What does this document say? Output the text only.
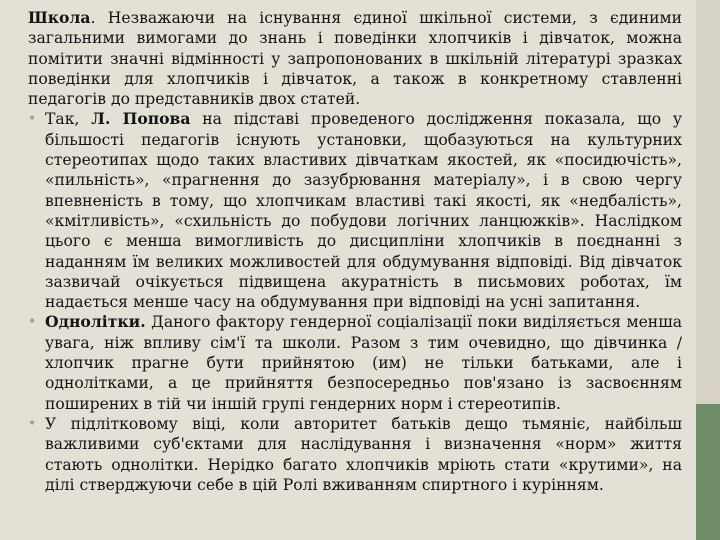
Школа. Незважаючи на існування єдиної шкільної системи, з єдиними загальними вимогами до знань і поведінки хлопчиків і дівчаток, можна помітити значні відмінності у запропонованих в шкільній літературі зразках поведінки для хлопчиків і дівчаток, а також в конкретному ставленні педагогів до представників двох статей.

• Так, Л. Попова на підставі проведеного дослідження показала, що у більшості педагогів існують установки, щобазуються на культурних стереотипах щодо таких властивих дівчаткам якостей, як «посидючість», «пильність», «прагнення до зазубрювання матеріалу», і в свою чергу впевненість в тому, що хлопчикам властиві такі якості, як «недбалість», «кмітливість», «схильність до побудови логічних ланцюжків». Наслідком цього є менша вимогливість до дисципліни хлопчиків в поєднанні з наданням їм великих можливостей для обдумування відповіді. Від дівчаток зазвичай очікується підвищена акуратність в письмових роботах, їм надається менше часу на обдумування при відповіді на усні запитання.

• Однолітки. Даного фактору гендерної соціалізації поки виділяється менша увага, ніж впливу сім'ї та школи. Разом з тим очевидно, що дівчинка / хлопчик прагне бути прийнятою (им) не тільки батьками, але і однолітками, а це прийняття безпосередньо пов'язано із засвоєнням поширених в тій чи іншій групі гендерних норм і стереотипів.

• У підлітковому віці, коли авторитет батьків дещо тьмяніє, найбільш важливими суб'єктами для наслідування і визначення «норм» життя стають однолітки. Нерідко багато хлопчиків мріють стати «крутими», на ділі стверджуючи себе в цій Ролі вживанням спиртного і курінням.
